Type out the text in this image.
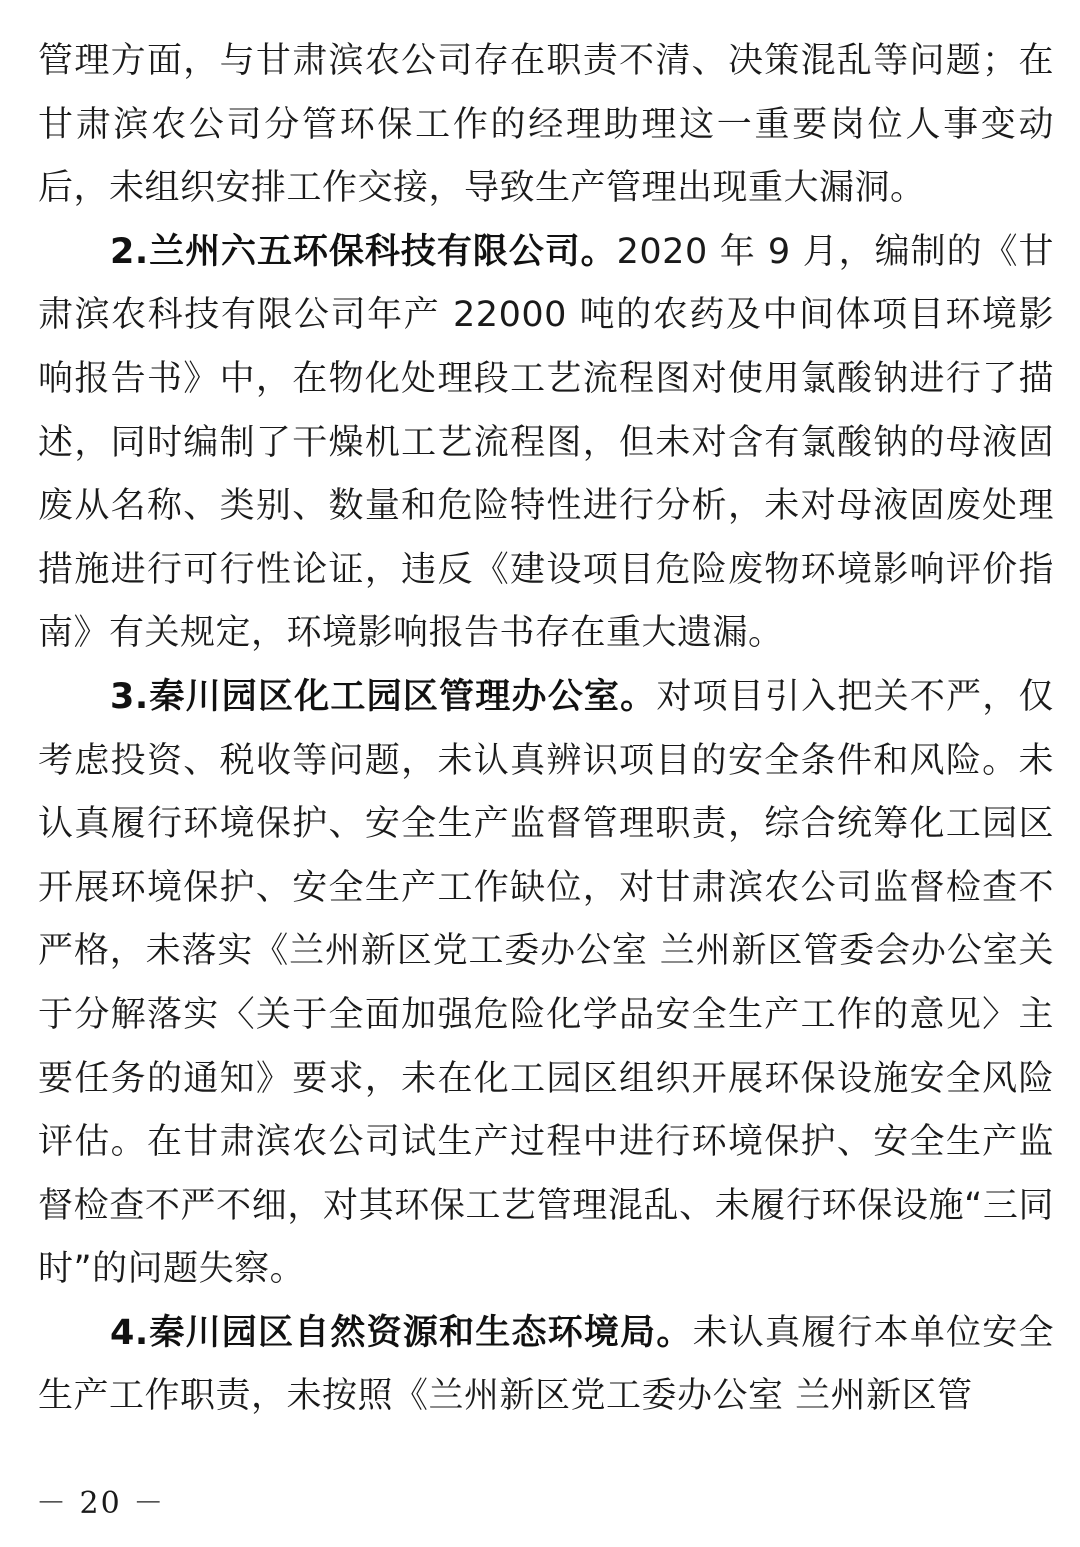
管理方面，与甘肃滨农公司存在职责不清、决策混乱等问题；在甘肃滨农公司分管环保工作的经理助理这一重要岗位人事变动后，未组织安排工作交接，导致生产管理出现重大漏洞。

2.兰州六五环保科技有限公司。2020 年 9 月，编制的《甘肃滨农科技有限公司年产 22000 吨的农药及中间体项目环境影响报告书》中，在物化处理段工艺流程图对使用氯酸钠进行了描述，同时编制了干燥机工艺流程图，但未对含有氯酸钠的母液固废从名称、类别、数量和危险特性进行分析，未对母液固废处理措施进行可行性论证，违反《建设项目危险废物环境影响评价指南》有关规定，环境影响报告书存在重大遗漏。

3.秦川园区化工园区管理办公室。对项目引入把关不严，仅考虑投资、税收等问题，未认真辨识项目的安全条件和风险。未认真履行环境保护、安全生产监督管理职责，综合统筹化工园区开展环境保护、安全生产工作缺位，对甘肃滨农公司监督检查不严格，未落实《兰州新区党工委办公室 兰州新区管委会办公室关于分解落实〈关于全面加强危险化学品安全生产工作的意见〉主要任务的通知》要求，未在化工园区组织开展环保设施安全风险评估。在甘肃滨农公司试生产过程中进行环境保护、安全生产监督检查不严不细，对其环保工艺管理混乱、未履行环保设施“三同时”的问题失察。

4.秦川园区自然资源和生态环境局。未认真履行本单位安全生产工作职责，未按照《兰州新区党工委办公室 兰州新区管

－ 20 －
